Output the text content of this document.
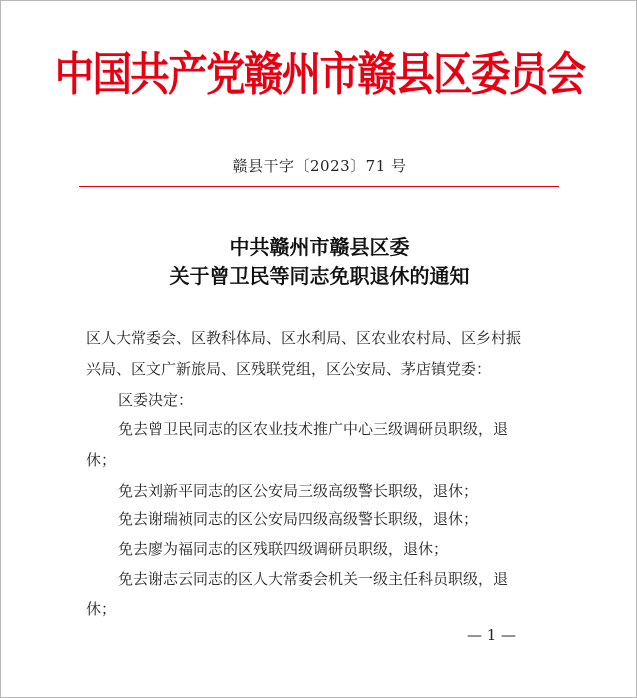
中国共产党赣州市赣县区委员会
赣县干字〔2023〕71 号
中共赣州市赣县区委
关于曾卫民等同志免职退休的通知
区人大常委会、区教科体局、区水利局、区农业农村局、区乡村振
兴局、区文广新旅局、区残联党组，区公安局、茅店镇党委：
区委决定：
免去曾卫民同志的区农业技术推广中心三级调研员职级，退
休；
免去刘新平同志的区公安局三级高级警长职级，退休；
免去谢瑞祯同志的区公安局四级高级警长职级，退休；
免去廖为福同志的区残联四级调研员职级，退休；
免去谢志云同志的区人大常委会机关一级主任科员职级，退
休；
— 1 —
